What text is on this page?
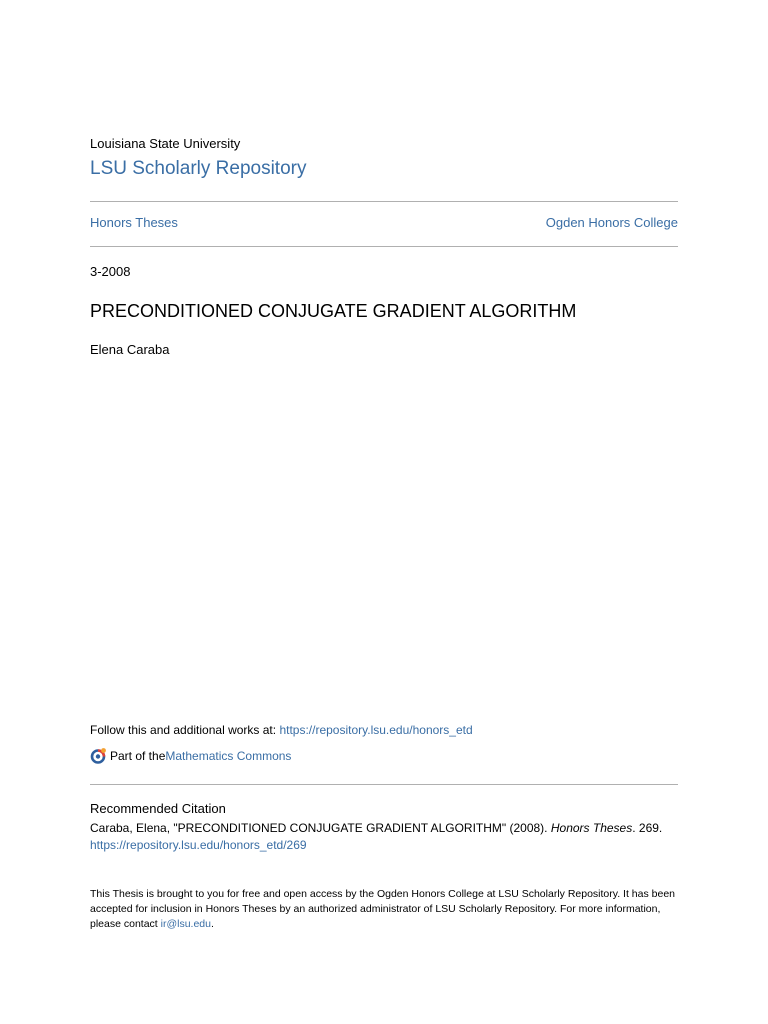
Louisiana State University
LSU Scholarly Repository
Honors Theses	Ogden Honors College
3-2008
PRECONDITIONED CONJUGATE GRADIENT ALGORITHM
Elena Caraba
Follow this and additional works at: https://repository.lsu.edu/honors_etd
Part of the Mathematics Commons
Recommended Citation
Caraba, Elena, "PRECONDITIONED CONJUGATE GRADIENT ALGORITHM" (2008). Honors Theses. 269.
https://repository.lsu.edu/honors_etd/269
This Thesis is brought to you for free and open access by the Ogden Honors College at LSU Scholarly Repository. It has been accepted for inclusion in Honors Theses by an authorized administrator of LSU Scholarly Repository. For more information, please contact ir@lsu.edu.
